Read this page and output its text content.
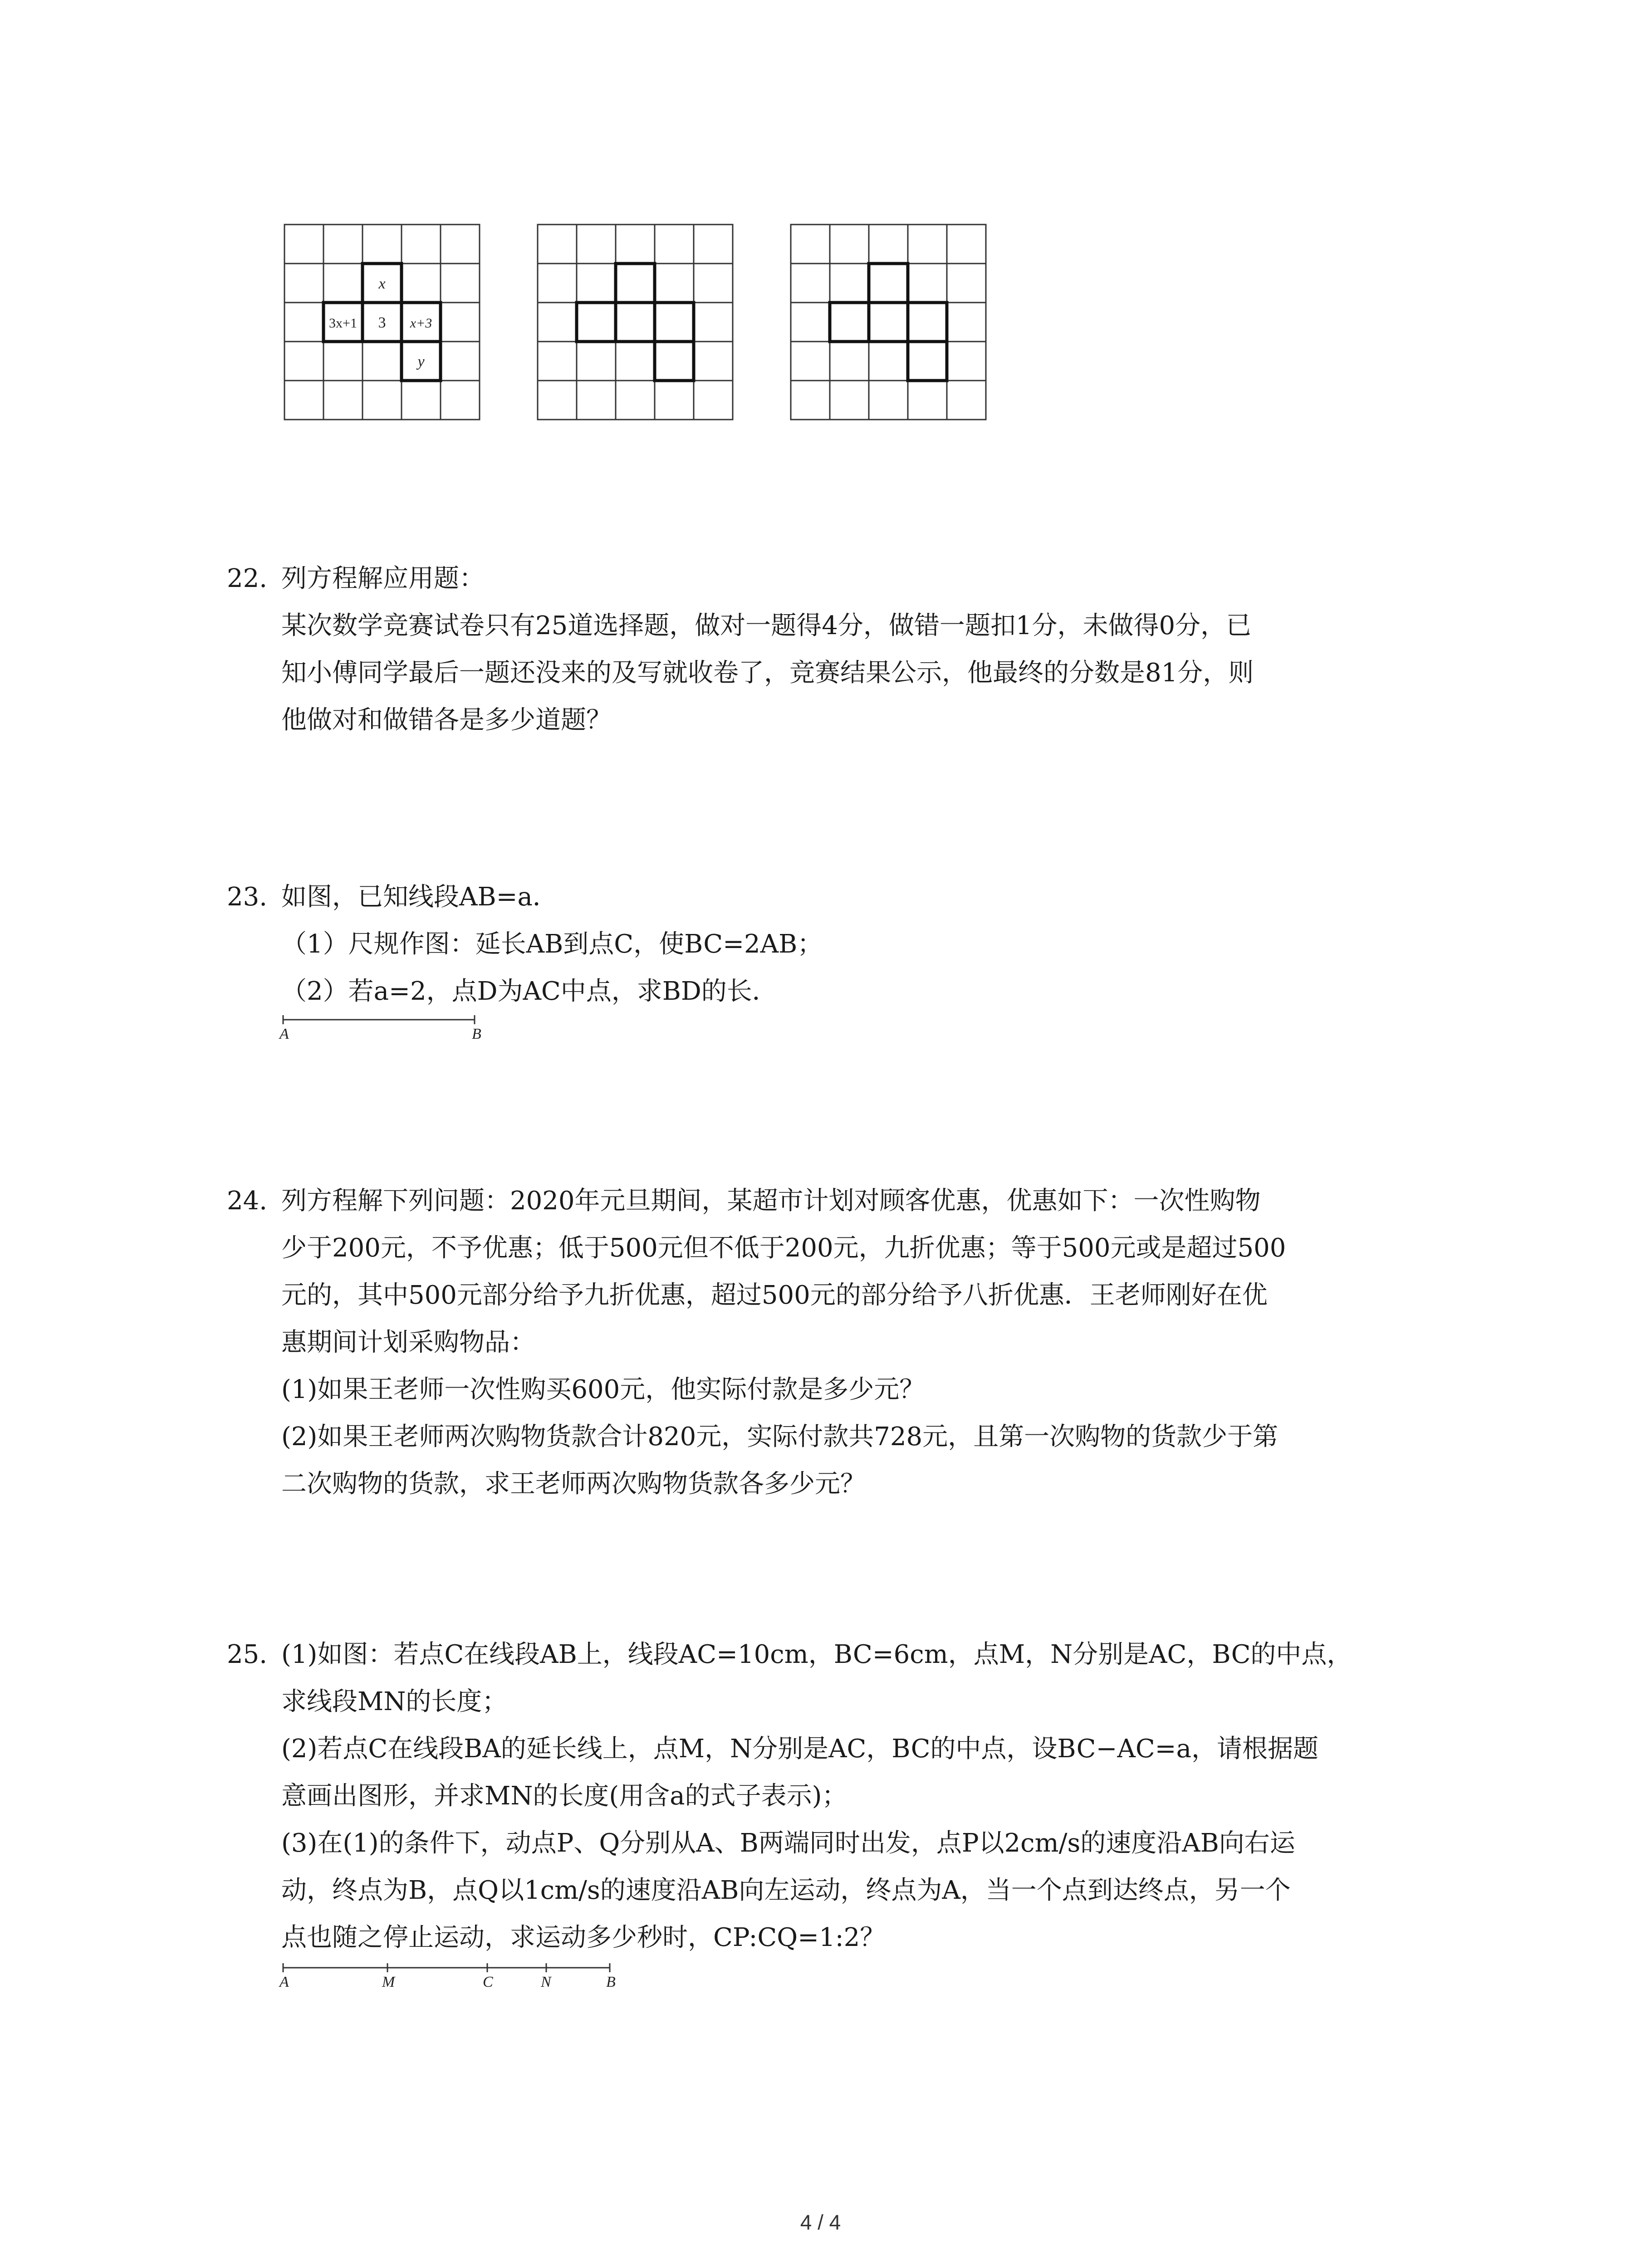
x
3x+1 3 x+3
y
22. 列方程解应用题：
某次数学竞赛试卷只有25道选择题，做对一题得4分，做错一题扣1分，未做得0分，已
知小傅同学最后一题还没来的及写就收卷了，竞赛结果公示，他最终的分数是81分，则
他做对和做错各是多少道题？
23. 如图，已知线段AB=a．
（1）尺规作图：延长AB到点C，使BC=2AB；
（2）若a=2，点D为AC中点，求BD的长．
A	B
24. 列方程解下列问题：2020年元旦期间，某超市计划对顾客优惠，优惠如下：一次性购物
少于200元，不予优惠；低于500元但不低于200元，九折优惠；等于500元或是超过500
元的，其中500元部分给予九折优惠，超过500元的部分给予八折优惠．王老师刚好在优
惠期间计划采购物品：
(1)如果王老师一次性购买600元，他实际付款是多少元？
(2)如果王老师两次购物货款合计820元，实际付款共728元，且第一次购物的货款少于第
二次购物的货款，求王老师两次购物货款各多少元？
25. (1)如图：若点C在线段AB上，线段AC=10cm，BC=6cm，点M，N分别是AC，BC的中点，
求线段MN的长度；
(2)若点C在线段BA的延长线上，点M，N分别是AC，BC的中点，设BC−AC=a，请根据题
意画出图形，并求MN的长度(用含a的式子表示)；
(3)在(1)的条件下，动点P、Q分别从A、B两端同时出发，点P以2cm/s的速度沿AB向右运
动，终点为B，点Q以1cm/s的速度沿AB向左运动，终点为A，当一个点到达终点，另一个
点也随之停止运动，求运动多少秒时，CP:CQ=1:2？
A	M	C	N	B
4 / 4
